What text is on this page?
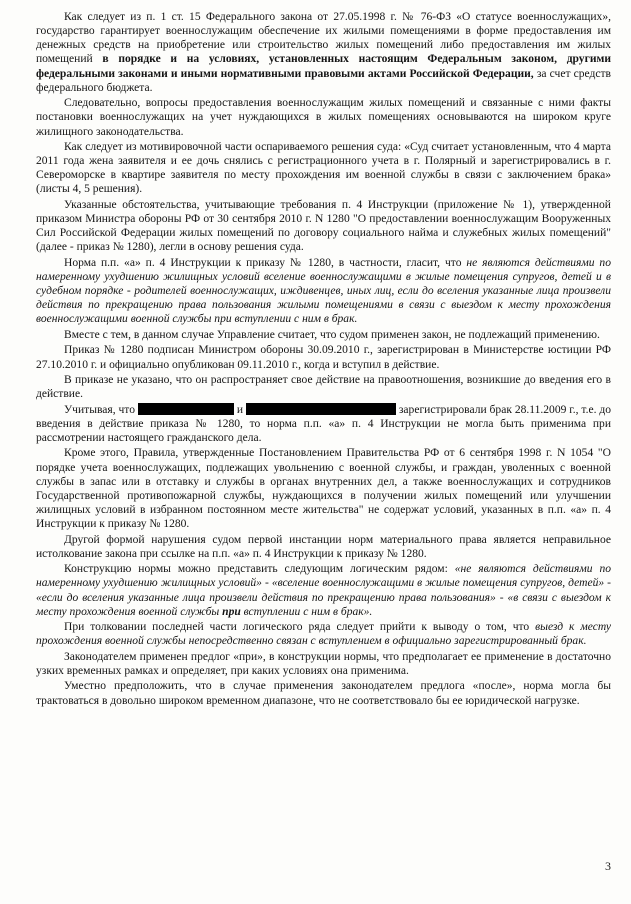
Как следует из п. 1 ст. 15 Федерального закона от 27.05.1998 г. № 76-ФЗ «О статусе военнослужащих», государство гарантирует военнослужащим обеспечение их жилыми помещениями в форме предоставления им денежных средств на приобретение или строительство жилых помещений либо предоставления им жилых помещений в порядке и на условиях, установленных настоящим Федеральным законом, другими федеральными законами и иными нормативными правовыми актами Российской Федерации, за счет средств федерального бюджета.

Следовательно, вопросы предоставления военнослужащим жилых помещений и связанные с ними факты постановки военнослужащих на учет нуждающихся в жилых помещениях основываются на широком круге жилищного законодательства.

Как следует из мотивировочной части оспариваемого решения суда: «Суд считает установленным, что 4 марта 2011 года жена заявителя и ее дочь снялись с регистрационного учета в г. Полярный и зарегистрировались в г. Североморске в квартире заявителя по месту прохождения им военной службы в связи с заключением брака» (листы 4, 5 решения).

Указанные обстоятельства, учитывающие требования п. 4 Инструкции (приложение № 1), утвержденной приказом Министра обороны РФ от 30 сентября 2010 г. N 1280 "О предоставлении военнослужащим Вооруженных Сил Российской Федерации жилых помещений по договору социального найма и служебных жилых помещений" (далее - приказ № 1280), легли в основу решения суда.

Норма п.п. «а» п. 4 Инструкции к приказу № 1280, в частности, гласит, что не являются действиями по намеренному ухудшению жилищных условий вселение военнослужащими в жилые помещения супругов, детей и в судебном порядке - родителей военнослужащих, иждивенцев, иных лиц, если до вселения указанные лица произвели действия по прекращению права пользования жилыми помещениями в связи с выездом к месту прохождения военнослужащими военной службы при вступлении с ним в брак.

Вместе с тем, в данном случае Управление считает, что судом применен закон, не подлежащий применению.

Приказ № 1280 подписан Министром обороны 30.09.2010 г., зарегистрирован в Министерстве юстиции РФ 27.10.2010 г. и официально опубликован 09.11.2010 г., когда и вступил в действие.

В приказе не указано, что он распространяет свое действие на правоотношения, возникшие до введения его в действие.

Учитывая, что	и	зарегистрировали брак 28.11.2009 г., т.е. до введения в действие приказа № 1280, то норма п.п. «а» п. 4 Инструкции не могла быть применима при рассмотрении настоящего гражданского дела.

Кроме этого, Правила, утвержденные Постановлением Правительства РФ от 6 сентября 1998 г. N 1054 "О порядке учета военнослужащих, подлежащих увольнению с военной службы, и граждан, уволенных с военной службы в запас или в отставку и службы в органах внутренних дел, а также военнослужащих и сотрудников Государственной противопожарной службы, нуждающихся в получении жилых помещений или улучшении жилищных условий в избранном постоянном месте жительства" не содержат условий, указанных в п.п. «а» п. 4 Инструкции к приказу № 1280.

Другой формой нарушения судом первой инстанции норм материального права является неправильное истолкование закона при ссылке на п.п. «а» п. 4 Инструкции к приказу № 1280.

Конструкцию нормы можно представить следующим логическим рядом: «не являются действиями по намеренному ухудшению жилищных условий» - «вселение военнослужащими в жилые помещения супругов, детей» - «если до вселения указанные лица произвели действия по прекращению права пользования» - «в связи с выездом к месту прохождения военной службы при вступлении с ним в брак».

При толковании последней части логического ряда следует прийти к выводу о том, что выезд к месту прохождения военной службы непосредственно связан с вступлением в официально зарегистрированный брак.

Законодателем применен предлог «при», в конструкции нормы, что предполагает ее применение в достаточно узких временных рамках и определяет, при каких условиях она применима.

Уместно предположить, что в случае применения законодателем предлога «после», норма могла бы трактоваться в довольно широком временном диапазоне, что не соответствовало бы ее юридической нагрузке.

3
